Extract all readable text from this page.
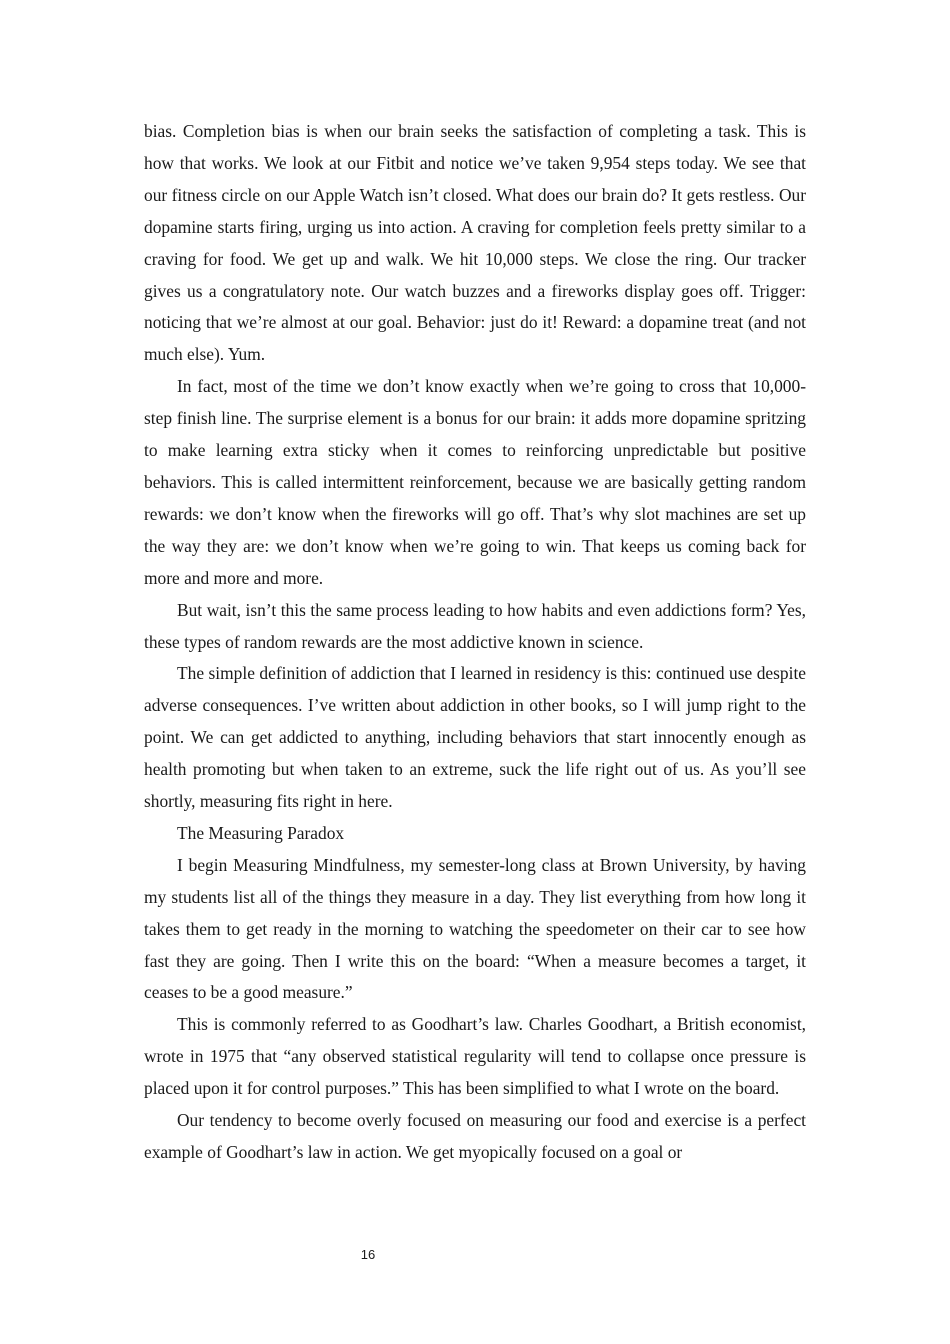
bias. Completion bias is when our brain seeks the satisfaction of completing a task. This is how that works. We look at our Fitbit and notice we’ve taken 9,954 steps today. We see that our fitness circle on our Apple Watch isn’t closed. What does our brain do? It gets restless. Our dopamine starts firing, urging us into action. A craving for completion feels pretty similar to a craving for food. We get up and walk. We hit 10,000 steps. We close the ring. Our tracker gives us a congratulatory note. Our watch buzzes and a fireworks display goes off. Trigger: noticing that we’re almost at our goal. Behavior: just do it! Reward: a dopamine treat (and not much else). Yum.

In fact, most of the time we don’t know exactly when we’re going to cross that 10,000-step finish line. The surprise element is a bonus for our brain: it adds more dopamine spritzing to make learning extra sticky when it comes to reinforcing unpredictable but positive behaviors. This is called intermittent reinforcement, because we are basically getting random rewards: we don’t know when the fireworks will go off. That’s why slot machines are set up the way they are: we don’t know when we’re going to win. That keeps us coming back for more and more and more.

But wait, isn’t this the same process leading to how habits and even addictions form? Yes, these types of random rewards are the most addictive known in science.

The simple definition of addiction that I learned in residency is this: continued use despite adverse consequences. I’ve written about addiction in other books, so I will jump right to the point. We can get addicted to anything, including behaviors that start innocently enough as health promoting but when taken to an extreme, suck the life right out of us. As you’ll see shortly, measuring fits right in here.

The Measuring Paradox

I begin Measuring Mindfulness, my semester-long class at Brown University, by having my students list all of the things they measure in a day. They list everything from how long it takes them to get ready in the morning to watching the speedometer on their car to see how fast they are going. Then I write this on the board: “When a measure becomes a target, it ceases to be a good measure.”

This is commonly referred to as Goodhart’s law. Charles Goodhart, a British economist, wrote in 1975 that “any observed statistical regularity will tend to collapse once pressure is placed upon it for control purposes.” This has been simplified to what I wrote on the board.

Our tendency to become overly focused on measuring our food and exercise is a perfect example of Goodhart’s law in action. We get myopically focused on a goal or

16
